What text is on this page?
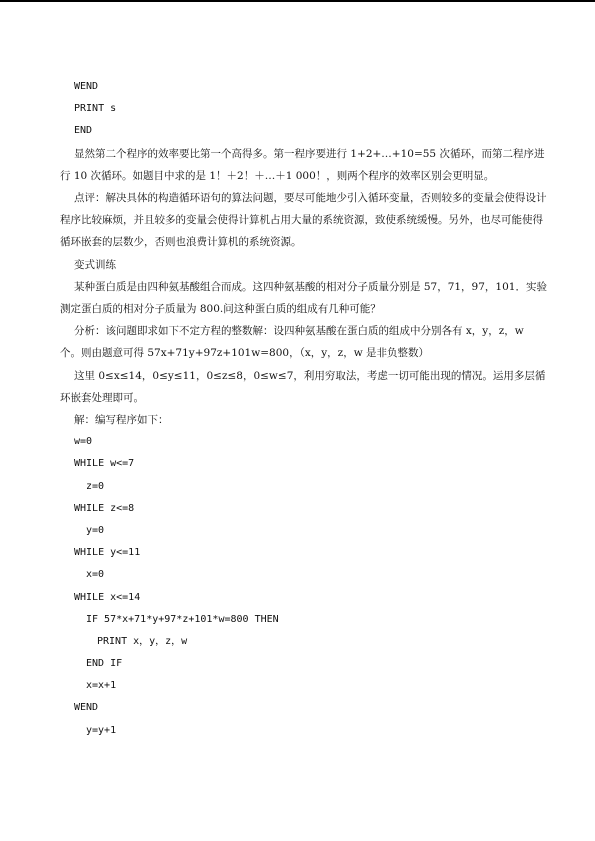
WEND
PRINT s
END
显然第二个程序的效率要比第一个高得多。第一程序要进行 1+2+…+10=55 次循环，而第二程序进行 10 次循环。如题目中求的是 1！＋2！＋…＋1 000！，则两个程序的效率区别会更明显。
点评：解决具体的构造循环语句的算法问题，要尽可能地少引入循环变量，否则较多的变量会使得设计程序比较麻烦，并且较多的变量会使得计算机占用大量的系统资源，致使系统缓慢。另外，也尽可能使得循环嵌套的层数少，否则也浪费计算机的系统资源。
变式训练
某种蛋白质是由四种氨基酸组合而成。这四种氨基酸的相对分子质量分别是 57，71，97，101．实验测定蛋白质的相对分子质量为 800.问这种蛋白质的组成有几种可能？
分析：该问题即求如下不定方程的整数解：设四种氨基酸在蛋白质的组成中分别各有 x，y，z，w 个。则由题意可得 57x+71y+97z+101w=800，（x，y，z，w 是非负整数）
这里 0≤x≤14，0≤y≤11，0≤z≤8，0≤w≤7，利用穷取法，考虑一切可能出现的情况。运用多层循环嵌套处理即可。
解：编写程序如下：
w=0
WHILE w<=7
z=0
WHILE z<=8
y=0
WHILE y<=11
x=0
WHILE x<=14
IF 57*x+71*y+97*z+101*w=800 THEN
PRINT x，y，z，w
END IF
x=x+1
WEND
y=y+1
